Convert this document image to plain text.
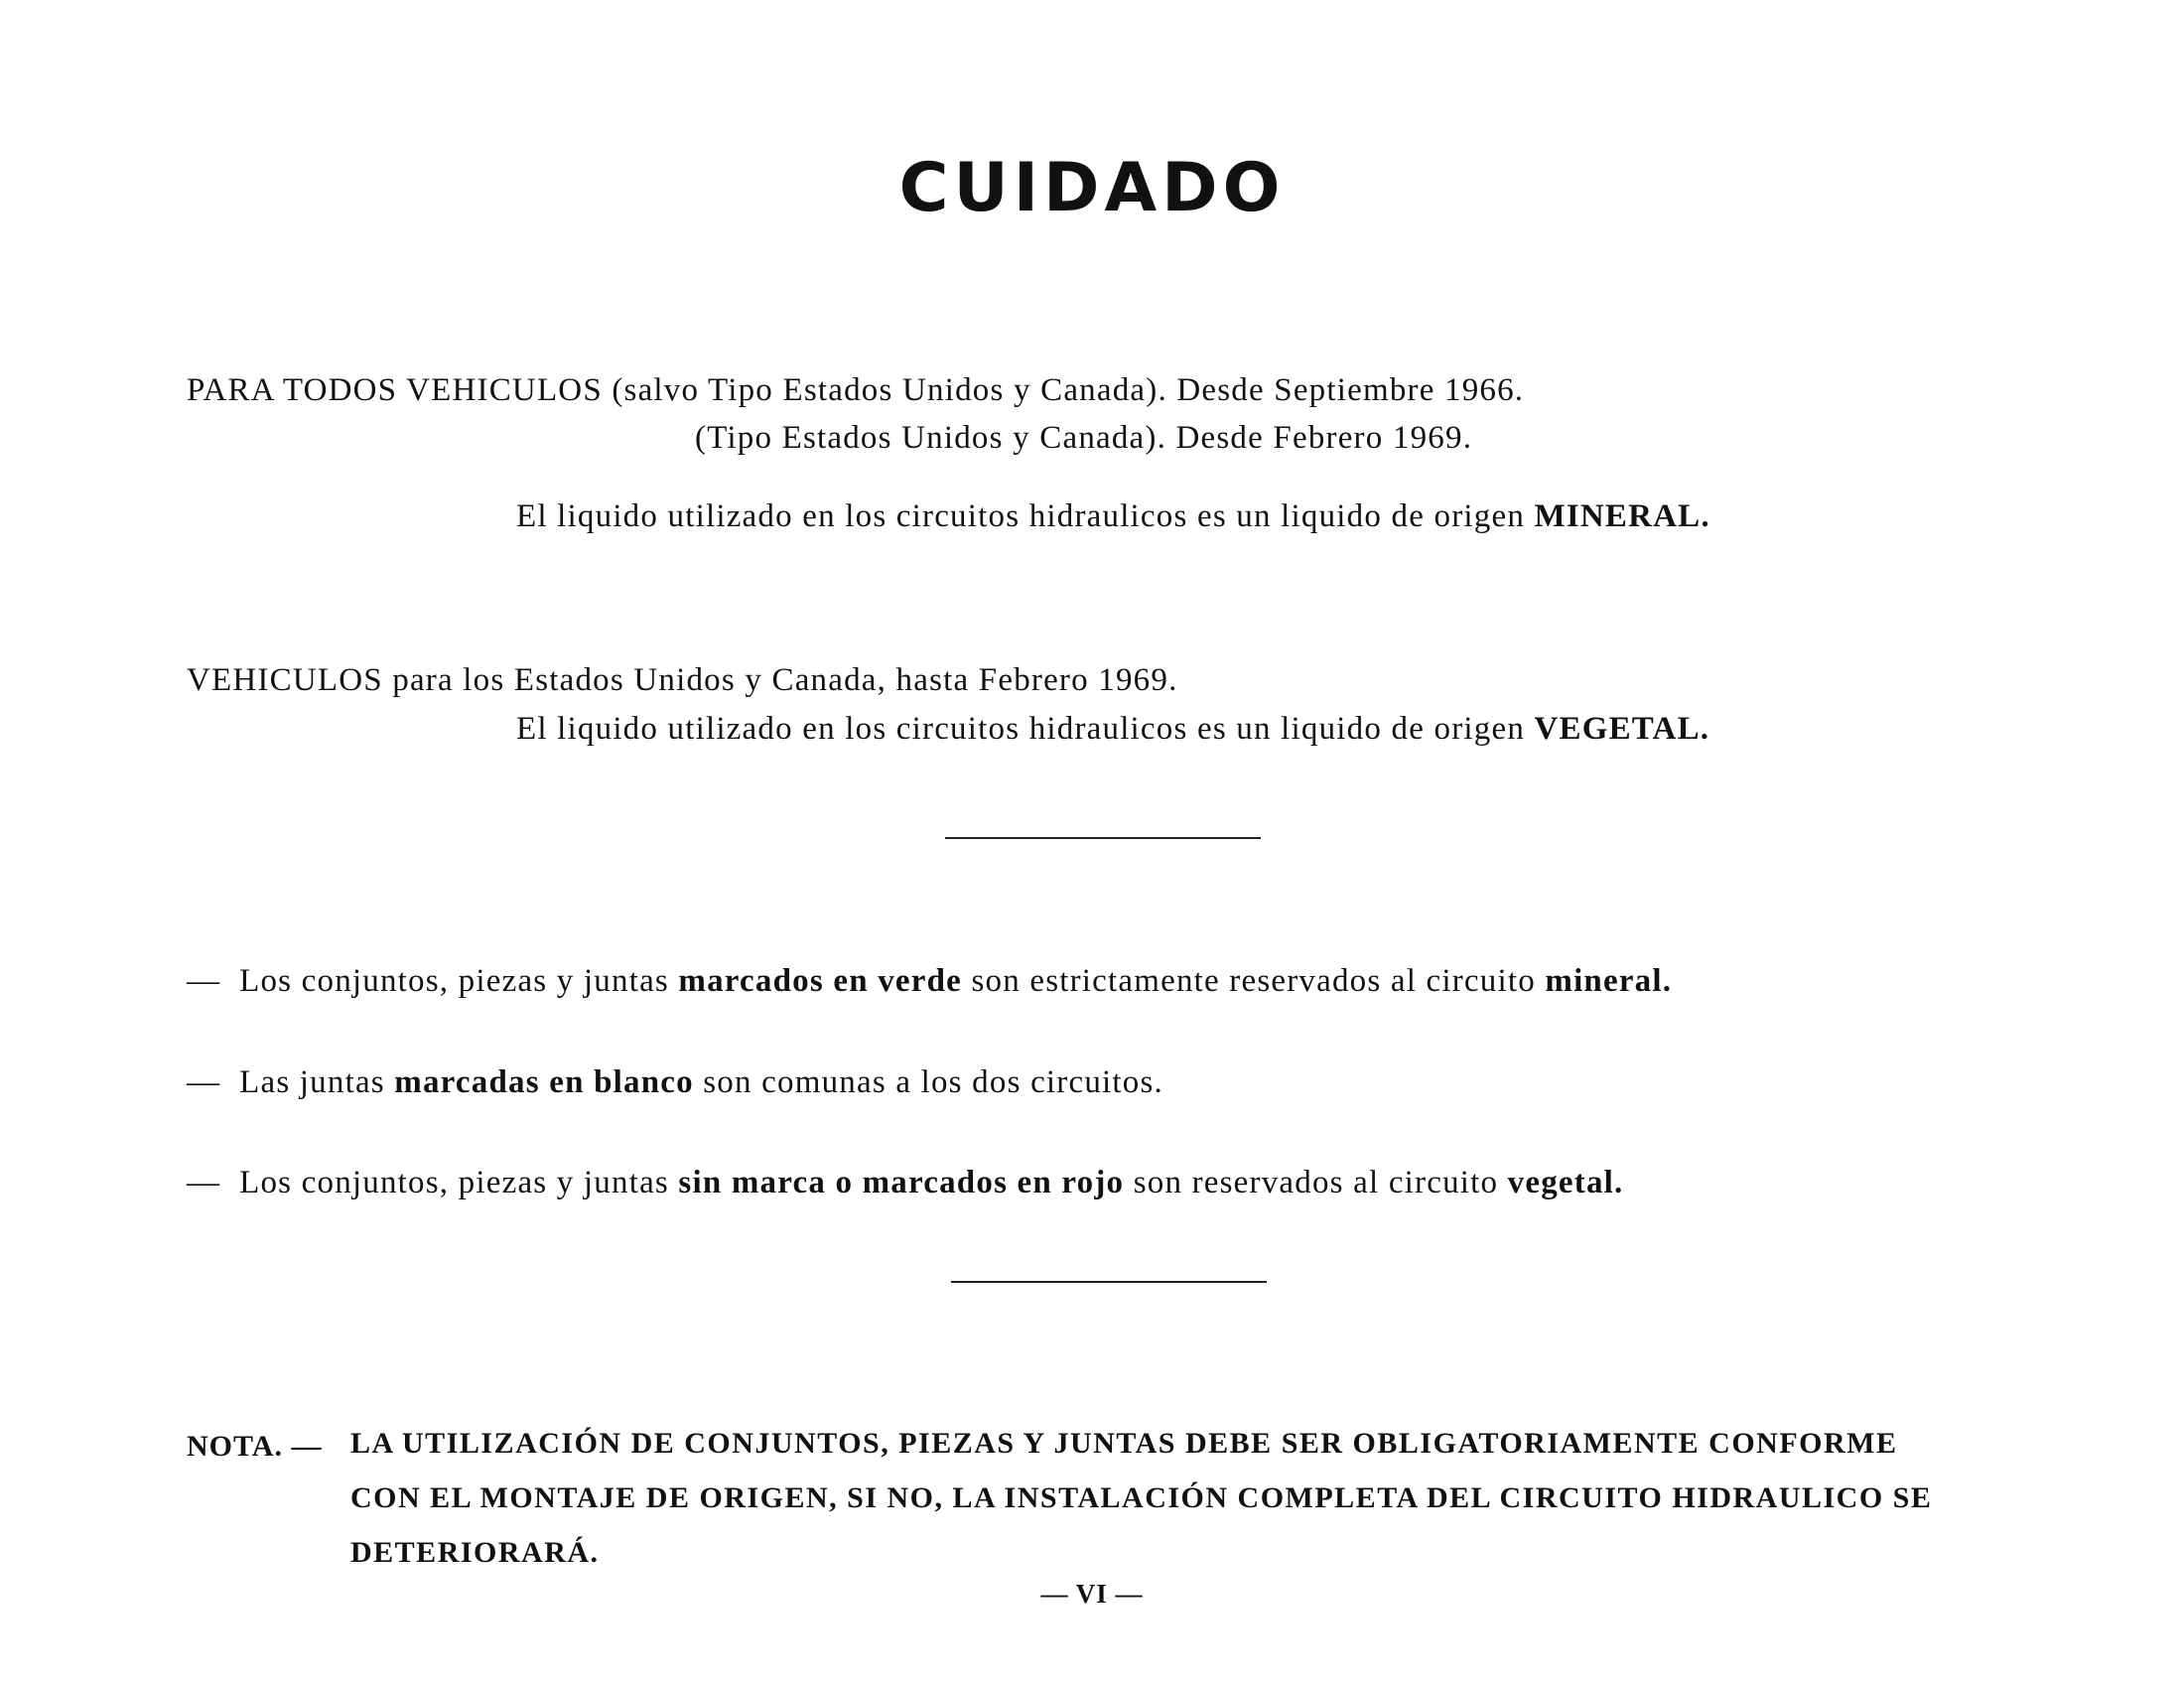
CUIDADO

PARA TODOS VEHICULOS (salvo Tipo Estados Unidos y Canada). Desde Septiembre 1966.

(Tipo Estados Unidos y Canada). Desde Febrero 1969.

El liquido utilizado en los circuitos hidraulicos es un liquido de origen MINERAL.

VEHICULOS para los Estados Unidos y Canada, hasta Febrero 1969.

El liquido utilizado en los circuitos hidraulicos es un liquido de origen VEGETAL.

— Los conjuntos, piezas y juntas marcados en verde son estrictamente reservados al circuito mineral.

— Las juntas marcadas en blanco son comunas a los dos circuitos.

— Los conjuntos, piezas y juntas sin marca o marcados en rojo son reservados al circuito vegetal.

NOTA. — LA UTILIZACIÓN DE CONJUNTOS, PIEZAS Y JUNTAS DEBE SER OBLIGATORIAMENTE CONFORME
CON EL MONTAJE DE ORIGEN, SI NO, LA INSTALACIÓN COMPLETA DEL CIRCUITO HIDRAULICO SE
DETERIORARÁ.
— VI —
